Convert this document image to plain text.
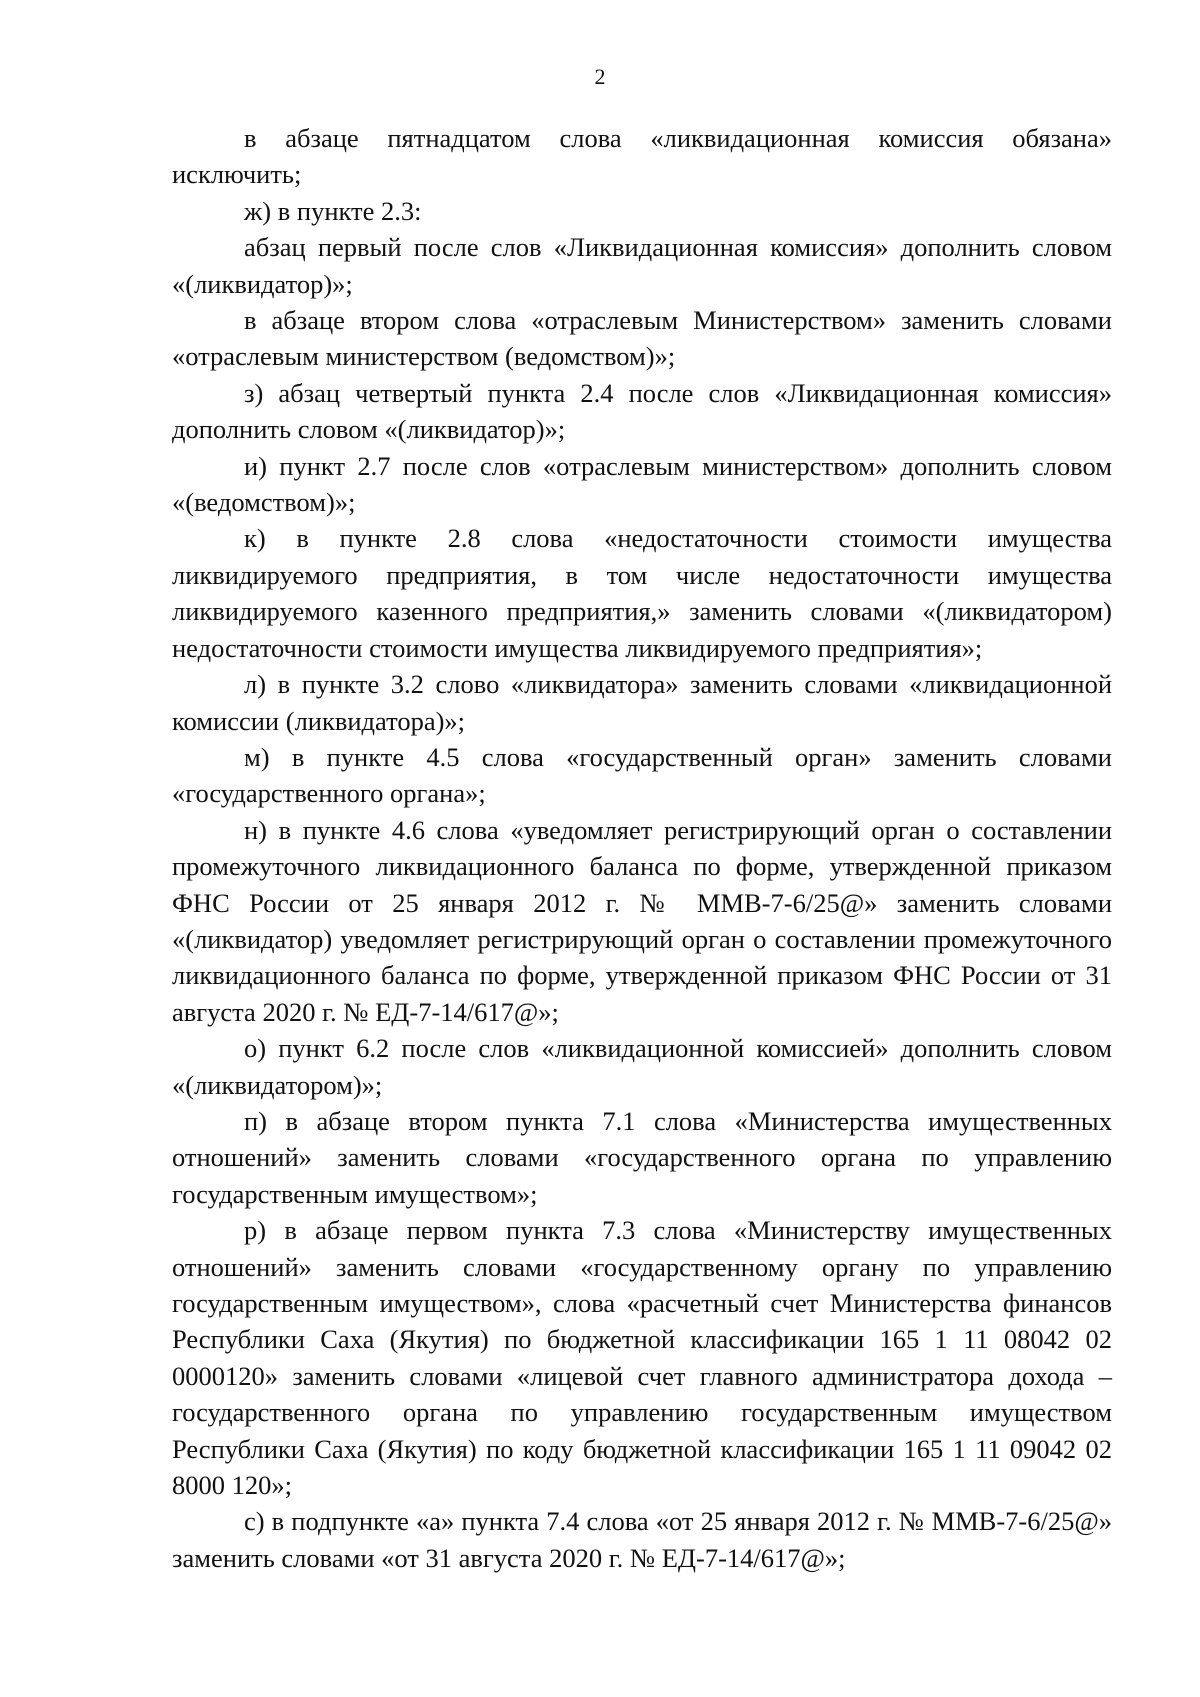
2

в абзаце пятнадцатом слова «ликвидационная комиссия обязана» исключить;

ж) в пункте 2.3:

абзац первый после слов «Ликвидационная комиссия» дополнить словом «(ликвидатор)»;

в абзаце втором слова «отраслевым Министерством» заменить словами «отраслевым министерством (ведомством)»;

з) абзац четвертый пункта 2.4 после слов «Ликвидационная комиссия» дополнить словом «(ликвидатор)»;

и) пункт 2.7 после слов «отраслевым министерством» дополнить словом «(ведомством)»;

к) в пункте 2.8 слова «недостаточности стоимости имущества ликвидируемого предприятия, в том числе недостаточности имущества ликвидируемого казенного предприятия,» заменить словами «(ликвидатором) недостаточности стоимости имущества ликвидируемого предприятия»;

л) в пункте 3.2 слово «ликвидатора» заменить словами «ликвидационной комиссии (ликвидатора)»;

м) в пункте 4.5 слова «государственный орган» заменить словами «государственного органа»;

н) в пункте 4.6 слова «уведомляет регистрирующий орган о составлении промежуточного ликвидационного баланса по форме, утвержденной приказом ФНС России от 25 января 2012 г. № ММВ-7-6/25@» заменить словами «(ликвидатор) уведомляет регистрирующий орган о составлении промежуточного ликвидационного баланса по форме, утвержденной приказом ФНС России от 31 августа 2020 г. № ЕД-7-14/617@»;

о) пункт 6.2 после слов «ликвидационной комиссией» дополнить словом «(ликвидатором)»;

п) в абзаце втором пункта 7.1 слова «Министерства имущественных отношений» заменить словами «государственного органа по управлению государственным имуществом»;

р) в абзаце первом пункта 7.3 слова «Министерству имущественных отношений» заменить словами «государственному органу по управлению государственным имуществом», слова «расчетный счет Министерства финансов Республики Саха (Якутия) по бюджетной классификации 165 1 11 08042 02 0000120» заменить словами «лицевой счет главного администратора дохода – государственного органа по управлению государственным имуществом Республики Саха (Якутия) по коду бюджетной классификации 165 1 11 09042 02 8000 120»;

с) в подпункте «а» пункта 7.4 слова «от 25 января 2012 г. № ММВ-7-6/25@» заменить словами «от 31 августа 2020 г. № ЕД-7-14/617@»;
